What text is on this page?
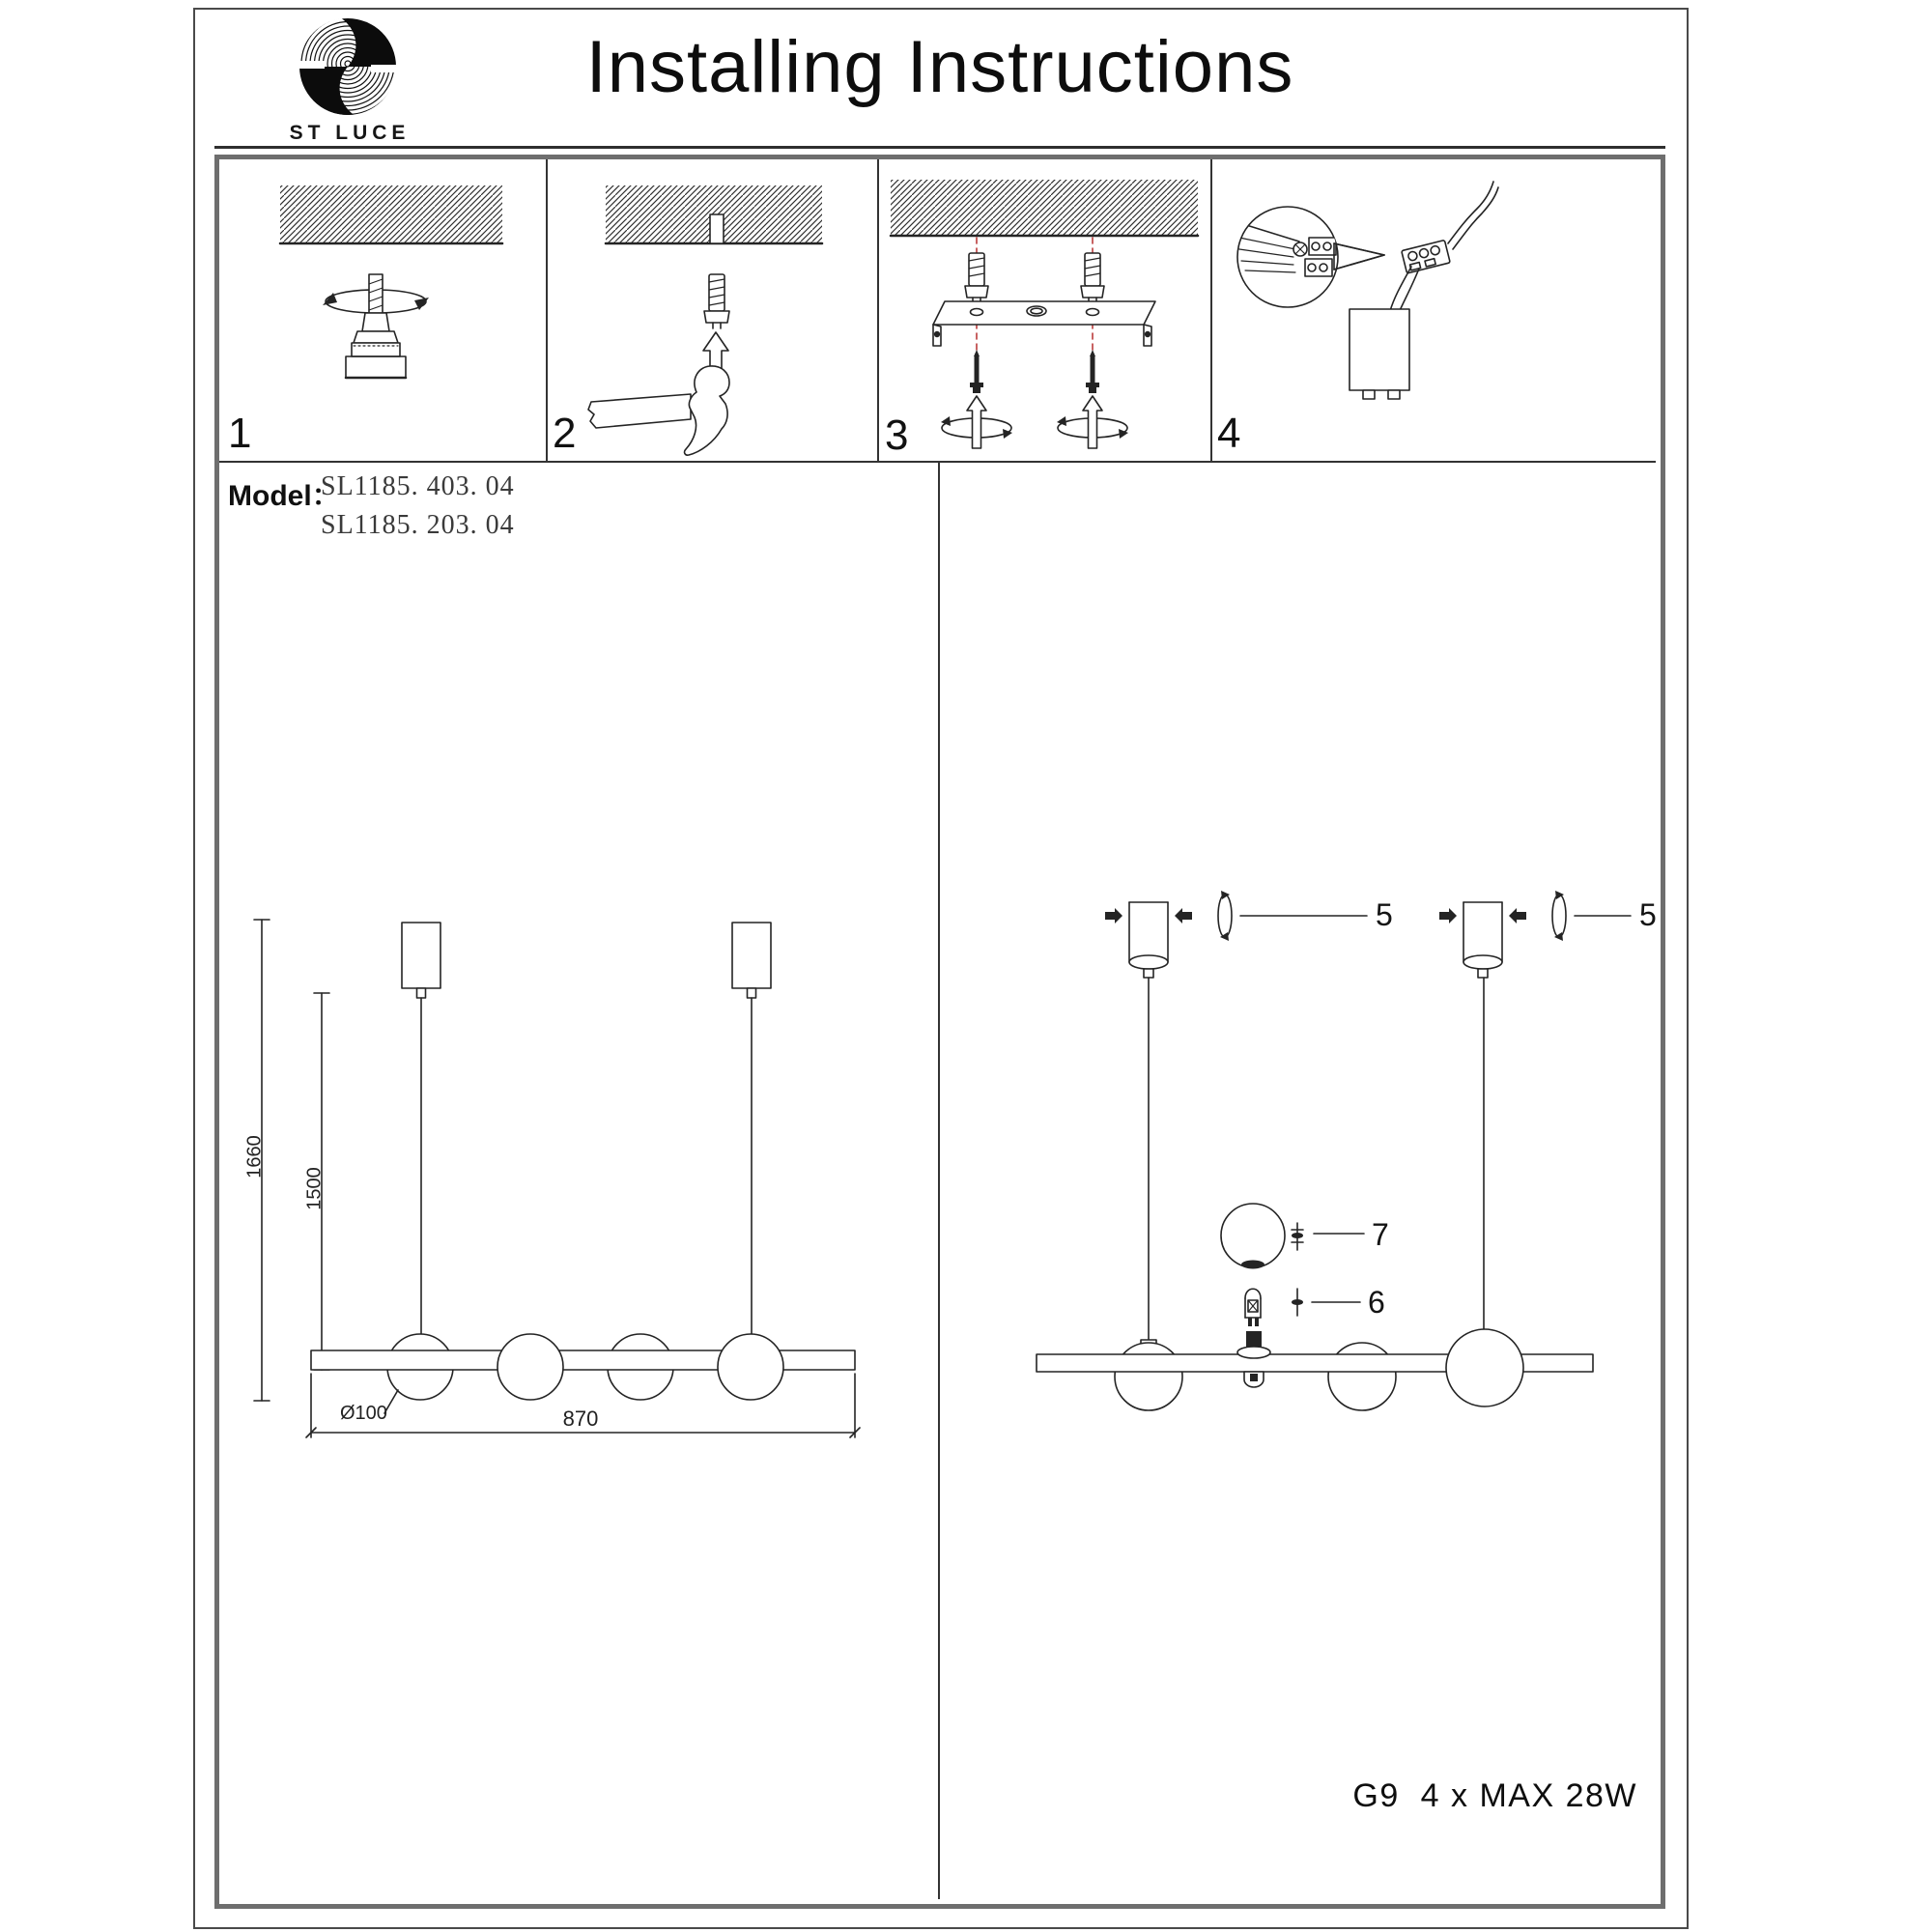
ST LUCE
Installing Instructions
1	2	3	4
Model：
SL1185. 403. 04
SL1185. 203. 04
1660
1500
Ø100	870
5	5
7
6
G9  4 x MAX 28W
